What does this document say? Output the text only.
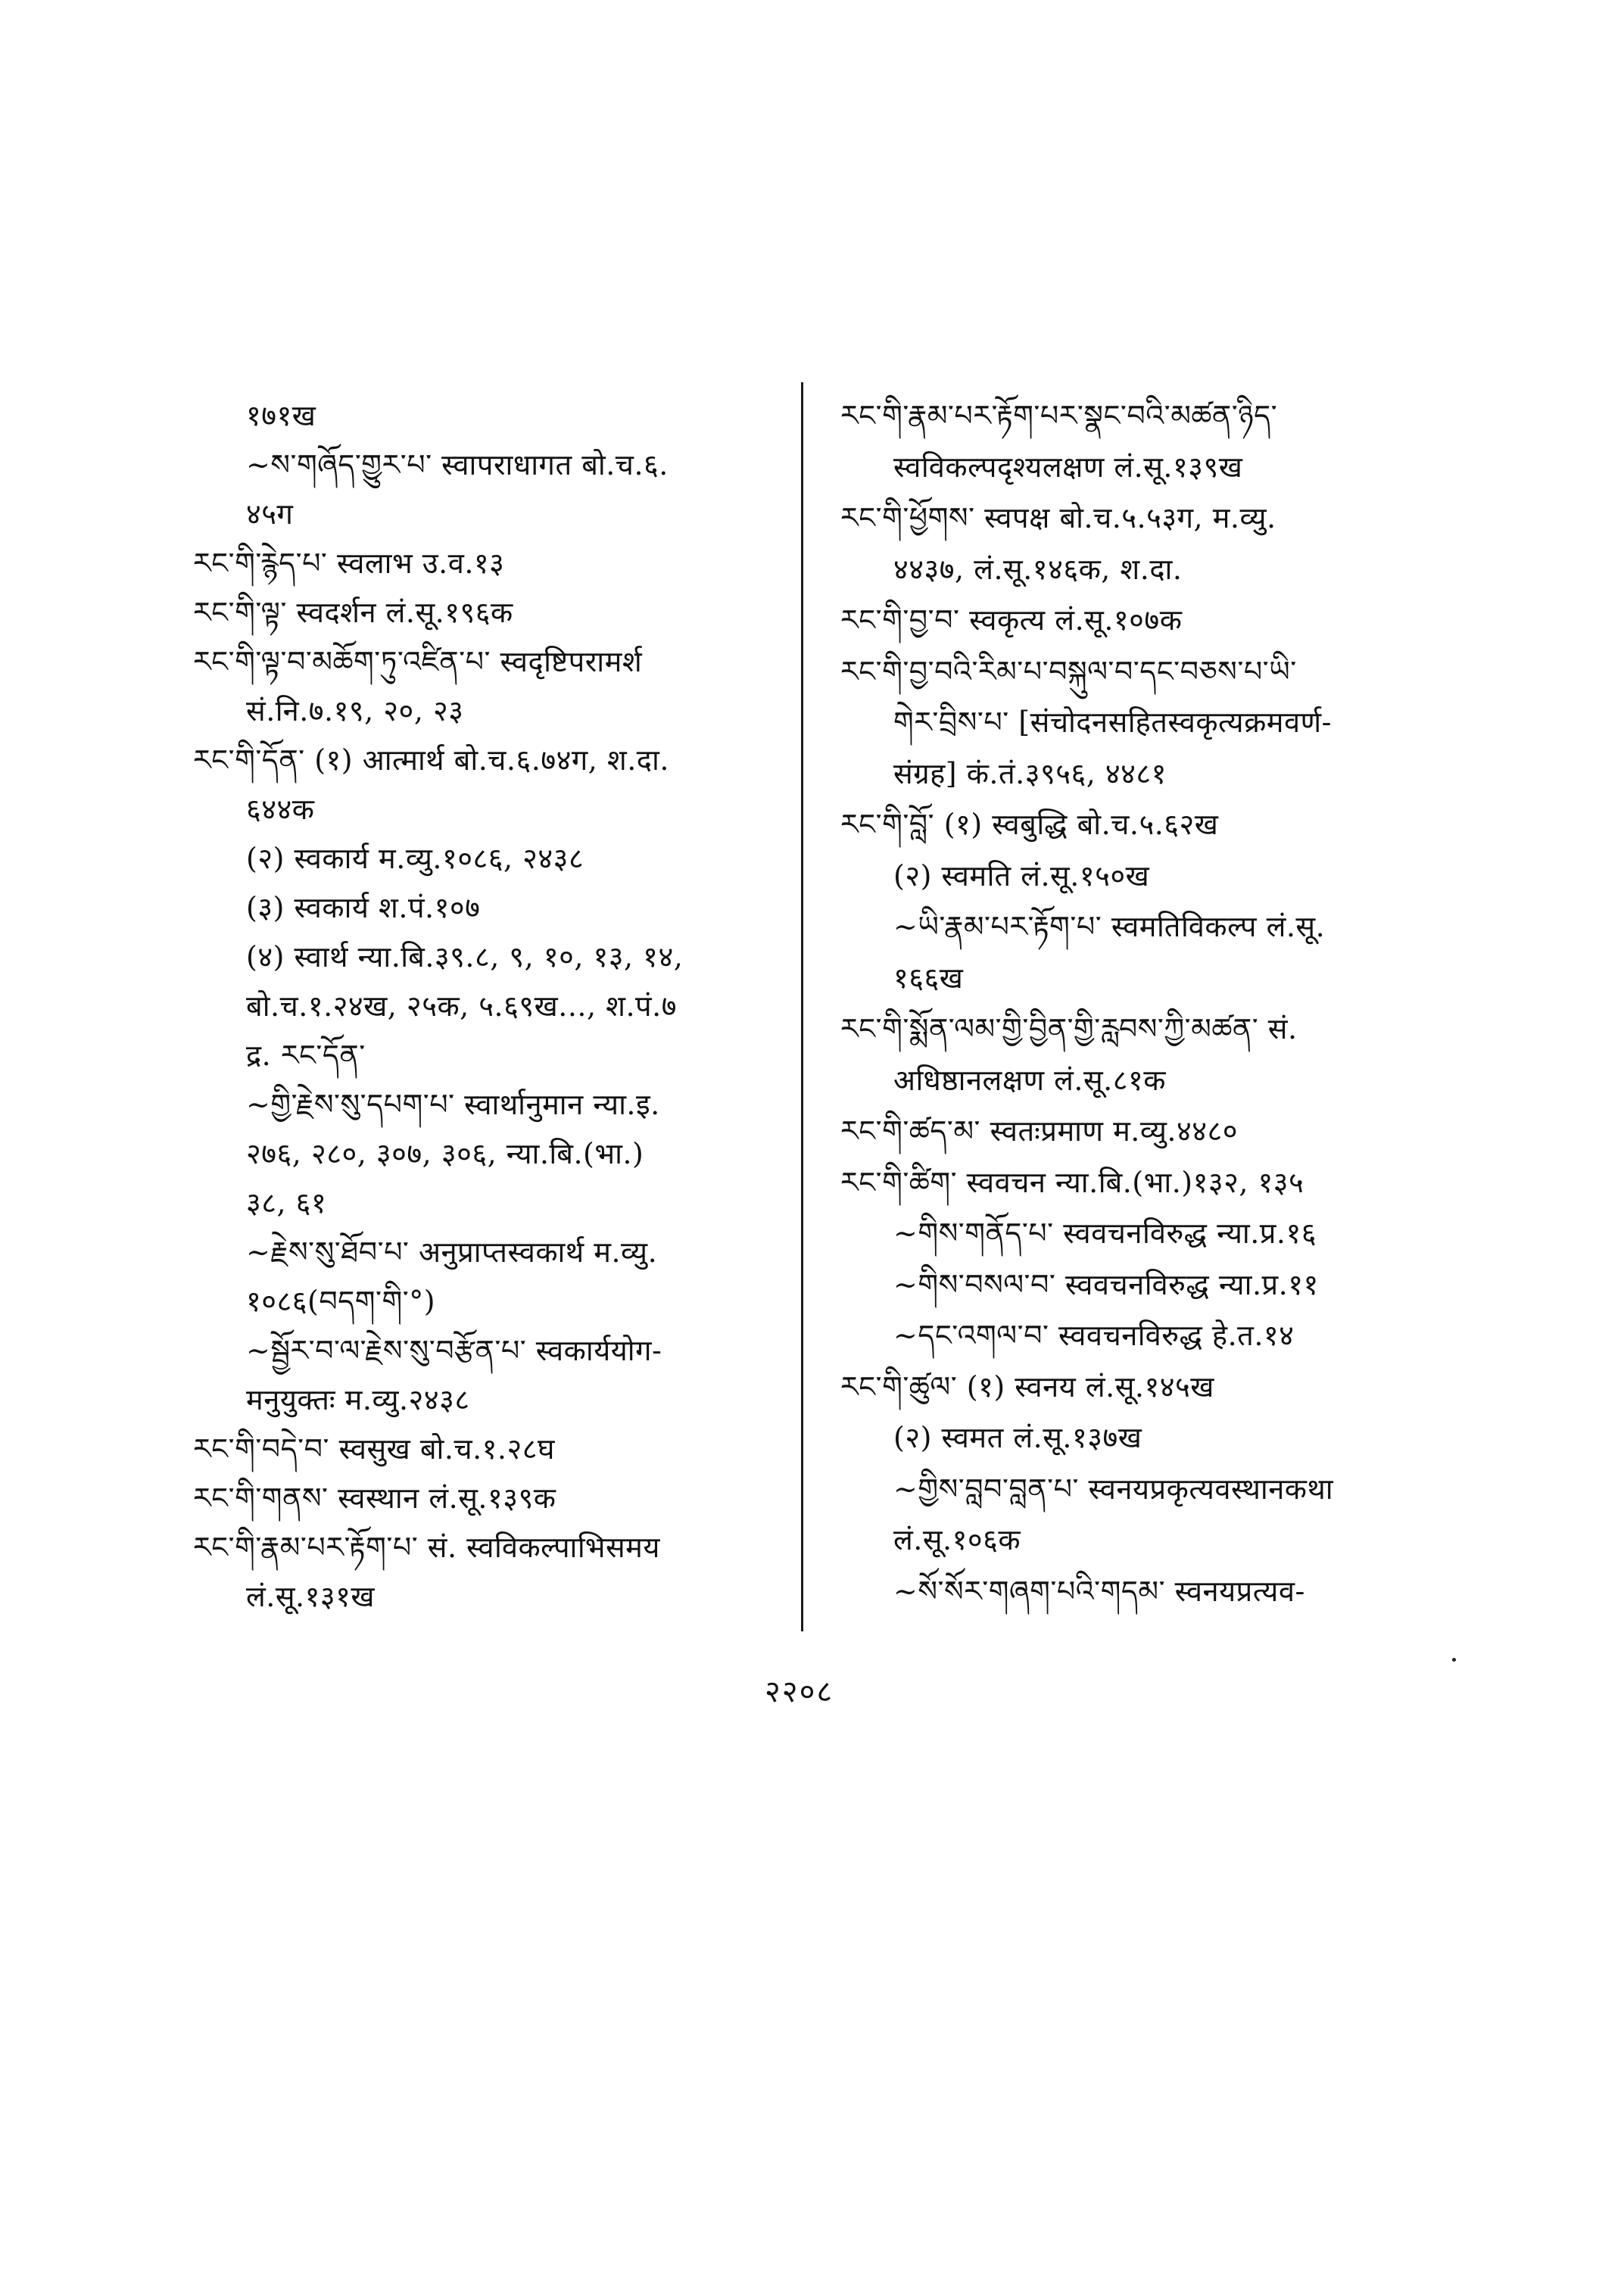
१७१ख
~ས་གཞོད་གྱུར་པ་ स्वापराधागत बो.च.६.
४५ग
རང་གི་རྙེད་པ་ स्वलाभ उ.व.१३
རང་གི་ལྟ་ स्वदर्शन लं.सू.१९६क
རང་གི་ལྟ་བ་མཆོག་ཏུ་འཛིན་པ་ स्वदृष्टिपरामर्श
सं.नि.७.१९, २०, २३
རང་གི་དོན་ (१) आत्मार्थ बो.च.६.७४ग, श.दा.
६४४क
(२) स्वकार्य म.व्यु.१०८६, २४३८
(३) स्वकार्य श.पं.१०७
(४) स्वार्थ न्या.बि.३९.८, ९, १०, १३, १४,
बो.च.१.२४ख, २५क, ५.६९ख..., श.पं.७
द्र. རང་དོན་
~གྱི་རྗེས་སུ་དཔག་པ་ स्वार्थानुमान न्या.इ.
२७६, २८०, ३०७, ३०६, न्या.बि.(भा.)
३८, ६१
~རྗེས་སུ་ཐོབ་པ་ अनुप्राप्तस्वकार्थ म.व्यु.
१०८६(བདག་གི་°)
~སྦྱོར་བ་ལ་རྗེས་སུ་བརྩོན་པ་ स्वकार्ययोग-
मनुयुक्तः म.व्यु.२४३८
རང་གི་བདེ་བ་ स्वसुख बो.च.१.२८घ
རང་གི་གནས་ स्वस्थान लं.सू.१३९क
རང་གི་རྣམ་པར་རྟོག་པ་ सं. स्वविकल्पाभिसमय
लं.सू.१३१ख
རང་གི་རྣམ་པར་རྟོག་པར་སྣང་བའི་མཚན་ཉིད་
स्वविकल्पदृश्यलक्षण लं.सू.१३९ख
རང་གི་ཕྱོགས་ स्वपक्ष बो.च.५.५३ग, म.व्यु.
४४३७, लं.सू.१४६क, श.दा.
རང་གི་བྱ་བ་ स्वकृत्य लं.सू.१०७क
རང་གི་བྱ་བའི་རིམ་པ་བསྐུལ་བ་དང་བཅས་པ་ཡི་
གེར་བྲིས་པ་ [संचोदनसहितस्वकृत्यक्रमवर्ण-
संग्रह] कं.तं.३९५६, ४४८१
རང་གི་བློ་ (१) स्वबुद्धि बो.च.५.६२ख
(२) स्वमति लं.सू.१५०ख
~ཡི་རྣམ་པར་རྟོག་པ་ स्वमतिविकल्प लं.सू.
१६६ख
རང་གི་སྨོན་ལམ་གྱི་བྱིན་གྱི་རླབས་ཀྱི་མཚན་ सं.
अधिष्ठानलक्षण लं.सू.८१क
རང་གི་ཚད་མ་ स्वतःप्रमाण म.व्यु.४४८०
རང་གི་ཚིག་ स्ववचन न्या.बि.(भा.)१३२, १३५
~གིས་གནོད་པ་ स्ववचनविरुद्ध न्या.प्र.१६
~གིས་བསལ་བ་ स्ववचनविरुद्ध न्या.प्र.११
~དང་འགལ་བ་ स्ववचनविरुद्ध हे.त.१४
རང་གི་ཚུལ་ (१) स्वनय लं.सू.१४५ख
(२) स्वमत लं.सू.१३७ख
~གྱིས་བླབ་བླན་པ་ स्वनयप्रकृत्यवस्थानकथा
लं.सू.१०६क
~སོ་སོར་གཞག་པའི་གདམ་ स्वनयप्रत्यव-
२२०८
